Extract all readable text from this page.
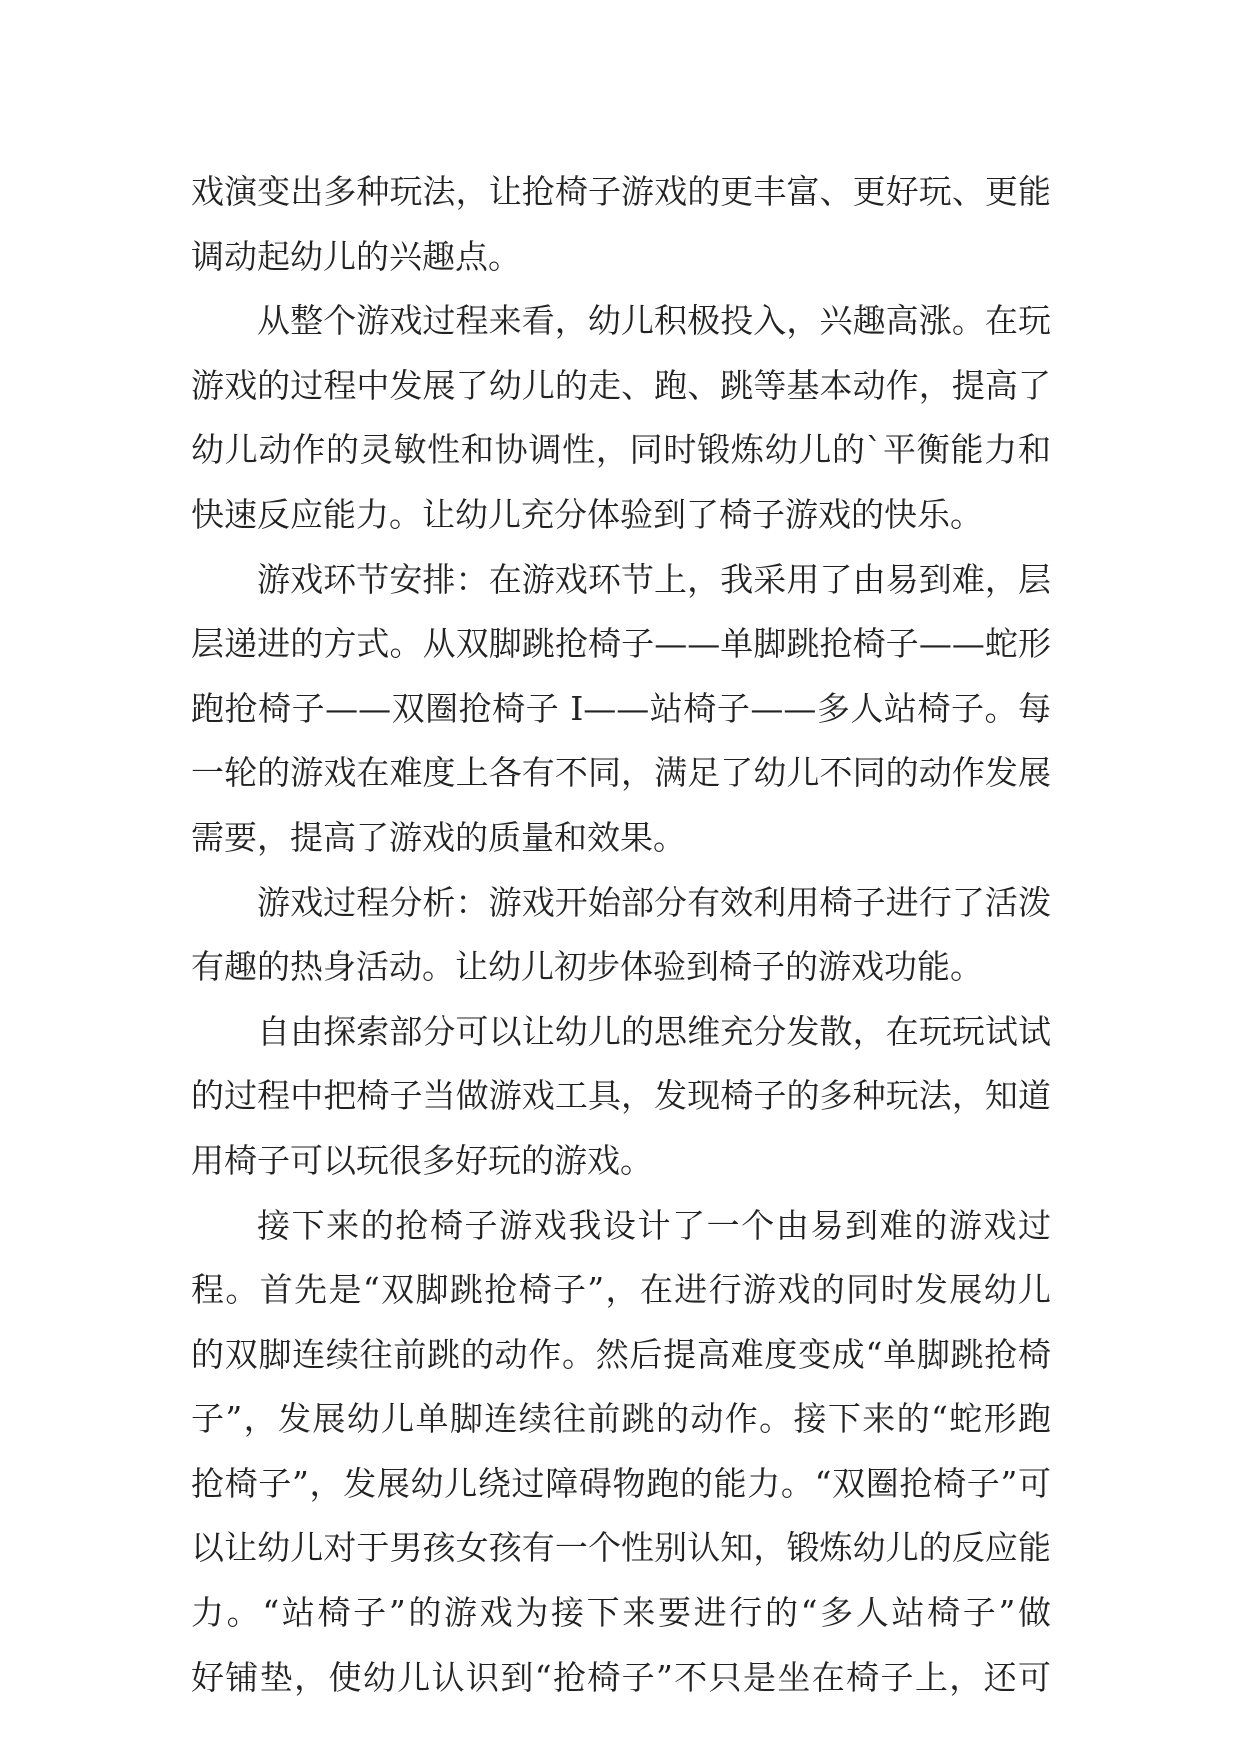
戏演变出多种玩法，让抢椅子游戏的更丰富、更好玩、更能
调动起幼儿的兴趣点。
从整个游戏过程来看，幼儿积极投入，兴趣高涨。在玩
游戏的过程中发展了幼儿的走、跑、跳等基本动作，提高了
幼儿动作的灵敏性和协调性，同时锻炼幼儿的`平衡能力和
快速反应能力。让幼儿充分体验到了椅子游戏的快乐。
游戏环节安排：在游戏环节上，我采用了由易到难，层
层递进的方式。从双脚跳抢椅子——单脚跳抢椅子——蛇形
跑抢椅子——双圈抢椅子 I——站椅子——多人站椅子。每
一轮的游戏在难度上各有不同，满足了幼儿不同的动作发展
需要，提高了游戏的质量和效果。
游戏过程分析：游戏开始部分有效利用椅子进行了活泼
有趣的热身活动。让幼儿初步体验到椅子的游戏功能。
自由探索部分可以让幼儿的思维充分发散，在玩玩试试
的过程中把椅子当做游戏工具，发现椅子的多种玩法，知道
用椅子可以玩很多好玩的游戏。
接下来的抢椅子游戏我设计了一个由易到难的游戏过
程。首先是“双脚跳抢椅子”，在进行游戏的同时发展幼儿
的双脚连续往前跳的动作。然后提高难度变成“单脚跳抢椅
子”，发展幼儿单脚连续往前跳的动作。接下来的“蛇形跑
抢椅子”，发展幼儿绕过障碍物跑的能力。“双圈抢椅子”可
以让幼儿对于男孩女孩有一个性别认知，锻炼幼儿的反应能
力。“站椅子”的游戏为接下来要进行的“多人站椅子”做
好铺垫，使幼儿认识到“抢椅子”不只是坐在椅子上，还可
